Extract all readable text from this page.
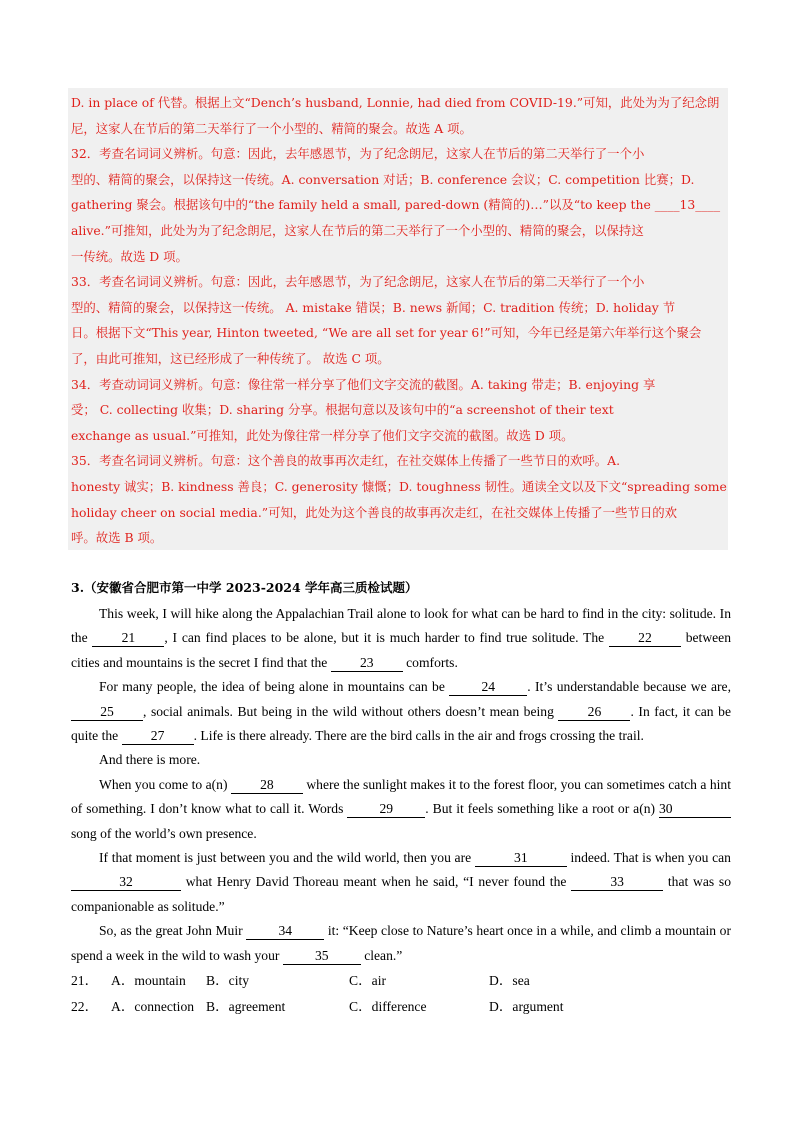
D. in place of 代替。根据上文“Dench’s husband, Lonnie, had died from COVID-19.”可知，此处为为了纪念朗

尼，这家人在节后的第二天举行了一个小型的、精简的聚会。故选 A 项。

32．考查名词词义辨析。句意：因此，去年感恩节，为了纪念朗尼，这家人在节后的第二天举行了一个小

型的、精简的聚会，以保持这一传统。A. conversation 对话；B. conference 会议；C. competition 比赛；D.

gathering 聚会。根据该句中的“the family held a small, pared-down (精简的)…”以及“to keep the ____13____

alive.”可推知，此处为为了纪念朗尼，这家人在节后的第二天举行了一个小型的、精简的聚会，以保持这

一传统。故选 D 项。

33．考查名词词义辨析。句意：因此，去年感恩节，为了纪念朗尼，这家人在节后的第二天举行了一个小

型的、精简的聚会，以保持这一传统。 A. mistake 错误；B. news 新闻；C. tradition 传统；D. holiday 节

日。根据下文“This year, Hinton tweeted, “We are all set for year 6!”可知，今年已经是第六年举行这个聚会

了，由此可推知，这已经形成了一种传统了。 故选 C 项。

34．考查动词词义辨析。句意：像往常一样分享了他们文字交流的截图。A. taking 带走；B. enjoying 享

受； C. collecting 收集；D. sharing 分享。根据句意以及该句中的“a screenshot of their text

exchange as usual.”可推知，此处为像往常一样分享了他们文字交流的截图。故选 D 项。

35．考查名词词义辨析。句意：这个善良的故事再次走红，在社交媒体上传播了一些节日的欢呼。A.

honesty 诚实；B. kindness 善良；C. generosity 慷慨；D. toughness 韧性。通读全文以及下文“spreading some

holiday cheer on social media.”可知，此处为这个善良的故事再次走红，在社交媒体上传播了一些节日的欢

呼。故选 B 项。

3.（安徽省合肥市第一中学 2023-2024 学年高三质检试题）

This week, I will hike along the Appalachian Trail alone to look for what can be hard to find in the city: solitude. In the 21 , I can find places to be alone, but it is much harder to find true solitude. The 22 between cities and mountains is the secret I find that the 23 comforts.

For many people, the idea of being alone in mountains can be 24 . It’s understandable because we are, 25 , social animals. But being in the wild without others doesn’t mean being 26 . In fact, it can be quite the 27 . Life is there already. There are the bird calls in the air and frogs crossing the trail.

And there is more.

When you come to a(n) 28 where the sunlight makes it to the forest floor, you can sometimes catch a hint of something. I don’t know what to call it. Words 29 . But it feels something like a root or a(n) 30 song of the world’s own presence.

If that moment is just between you and the wild world, then you are	31	indeed. That is when you can 32	what Henry David Thoreau meant when he said, “I never found the	33	that was so companionable as solitude.”

So, as the great John Muir 34 it: “Keep close to Nature’s heart once in a while, and climb a mountain or spend a week in the wild to wash your 35 clean.”

21． A．mountain B．city	C．air	D．sea
22． A．connection B．agreement	C．difference	D．argument
